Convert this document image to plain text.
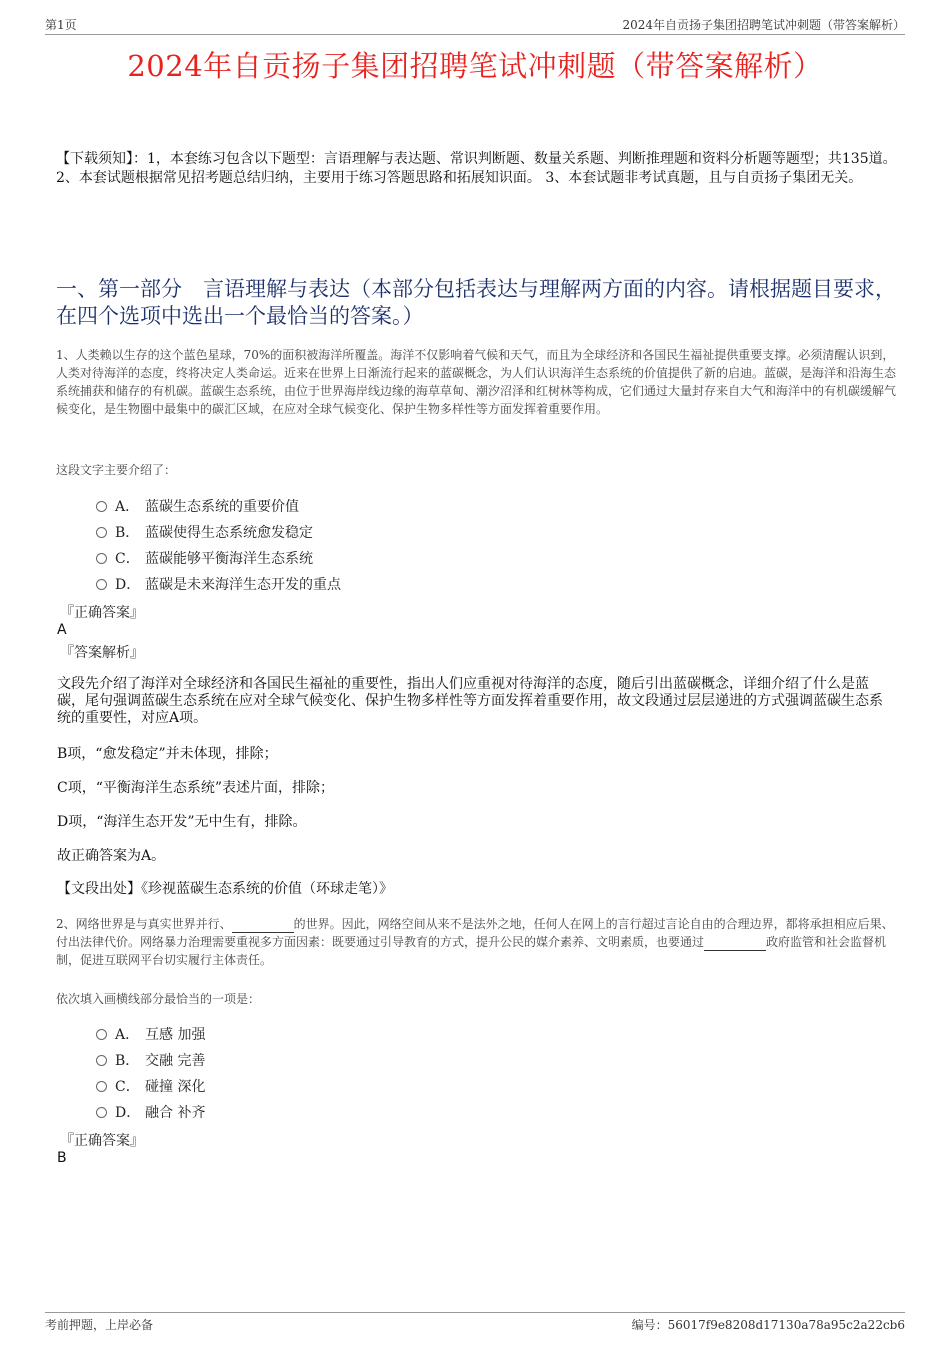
第1页	2024年自贡扬子集团招聘笔试冲刺题（带答案解析）
2024年自贡扬子集团招聘笔试冲刺题（带答案解析）
【下载须知】：1，本套练习包含以下题型：言语理解与表达题、常识判断题、数量关系题、判断推理题和资料分析题等题型；共135道。 2、本套试题根据常见招考题总结归纳，主要用于练习答题思路和拓展知识面。 3、本套试题非考试真题，且与自贡扬子集团无关。
一、第一部分　言语理解与表达（本部分包括表达与理解两方面的内容。请根据题目要求，在四个选项中选出一个最恰当的答案。）
1、人类赖以生存的这个蓝色星球，70%的面积被海洋所覆盖。海洋不仅影响着气候和天气，而且为全球经济和各国民生福祉提供重要支撑。必须清醒认识到，人类对待海洋的态度，终将决定人类命运。近来在世界上日渐流行起来的蓝碳概念，为人们认识海洋生态系统的价值提供了新的启迪。蓝碳，是海洋和沿海生态系统捕获和储存的有机碳。蓝碳生态系统，由位于世界海岸线边缘的海草草甸、潮汐沼泽和红树林等构成，它们通过大量封存来自大气和海洋中的有机碳缓解气候变化，是生物圈中最集中的碳汇区域，在应对全球气候变化、保护生物多样性等方面发挥着重要作用。
这段文字主要介绍了：
A． 蓝碳生态系统的重要价值
B． 蓝碳使得生态系统愈发稳定
C． 蓝碳能够平衡海洋生态系统
D． 蓝碳是未来海洋生态开发的重点
『正确答案』
A
『答案解析』
文段先介绍了海洋对全球经济和各国民生福祉的重要性，指出人们应重视对待海洋的态度，随后引出蓝碳概念，详细介绍了什么是蓝碳，尾句强调蓝碳生态系统在应对全球气候变化、保护生物多样性等方面发挥着重要作用，故文段通过层层递进的方式强调蓝碳生态系统的重要性，对应A项。
B项，“愈发稳定”并未体现，排除；
C项，“平衡海洋生态系统”表述片面，排除；
D项，“海洋生态开发”无中生有，排除。
故正确答案为A。
【文段出处】《珍视蓝碳生态系统的价值（环球走笔）》
2、网络世界是与真实世界并行、	的世界。因此，网络空间从来不是法外之地，任何人在网上的言行超过言论自由的合理边界，都将承担相应后果、付出法律代价。网络暴力治理需要重视多方面因素：既要通过引导教育的方式，提升公民的媒介素养、文明素质，也要通过	政府监管和社会监督机制，促进互联网平台切实履行主体责任。
依次填入画横线部分最恰当的一项是：
A． 互感 加强
B． 交融 完善
C． 碰撞 深化
D． 融合 补齐
『正确答案』
B
考前押题，上岸必备	编号：56017f9e8208d17130a78a95c2a22cb6
